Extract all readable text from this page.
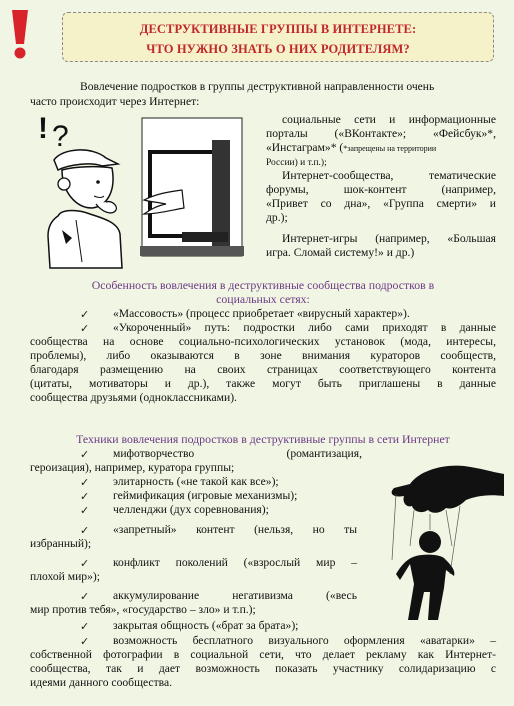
ДЕСТРУКТИВНЫЕ ГРУППЫ В ИНТЕРНЕТЕ:
ЧТО НУЖНО ЗНАТЬ О НИХ РОДИТЕЛЯМ?
Вовлечение подростков в группы деструктивной направленности очень
часто происходит через Интернет:
! ?
социальные сети и информационные
порталы («ВКонтакте»; «Фейсбук»*,
«Инстаграм»* (*запрещены на территории
России) и т.п.);
Интернет-сообщества, тематические
форумы, шок-контент (например,
«Привет со дна», «Группа смерти» и
др.);
Интернет-игры (например, «Большая
игра. Сломай систему!» и др.)
Особенность вовлечения в деструктивные сообщества подростков в
социальных сетях:
✓ «Массовость» (процесс приобретает «вирусный характер»).
✓ «Укороченный» путь: подростки либо сами приходят в данные
сообщества на основе социально-психологических установок (мода, интересы,
проблемы), либо оказываются в зоне внимания кураторов сообществ,
благодаря размещению на своих страницах соответствующего контента
(цитаты, мотиваторы и др.), также могут быть приглашены в данные
сообщества друзьями (одноклассниками).
Техники вовлечения подростков в деструктивные группы в сети Интернет
✓ мифотворчество (романтизация,
героизация), например, куратора группы;
✓ элитарность («не такой как все»);
✓ геймификация (игровые механизмы);
✓ челленджи (дух соревнования);
✓ «запретный» контент (нельзя, но ты
избранный);
✓ конфликт поколений («взрослый мир –
плохой мир»);
✓ аккумулирование негативизма («весь
мир против тебя», «государство – зло» и т.п.);
✓ закрытая общность («брат за брата»);
✓ возможность бесплатного визуального оформления «аватарки» –
собственной фотографии в социальной сети, что делает рекламу как Интернет-
сообщества, так и дает возможность показать участнику солидаризацию с
идеями данного сообщества.
